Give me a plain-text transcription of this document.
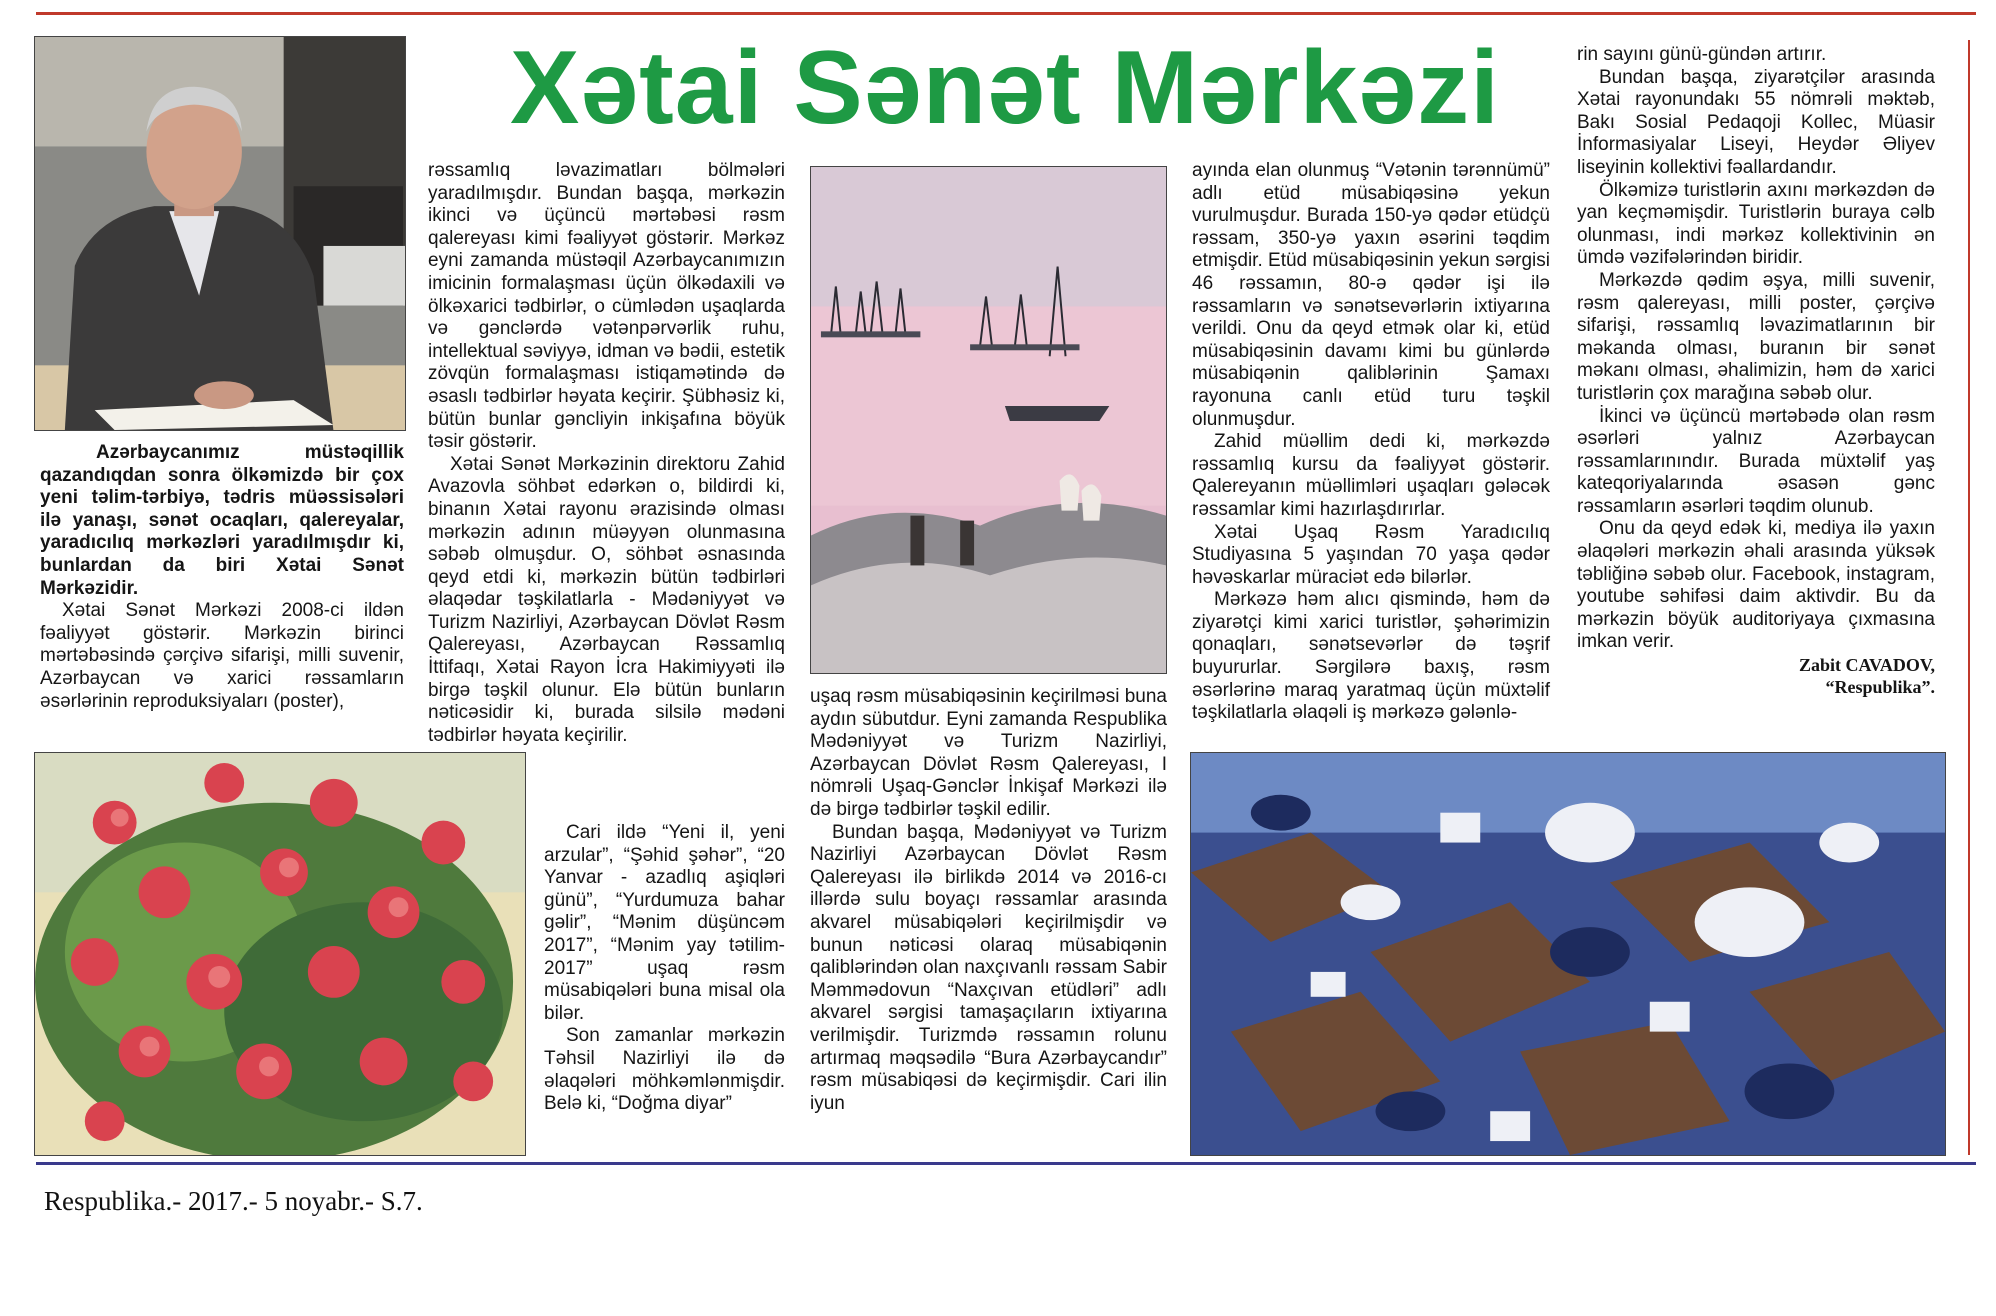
Xətai Sənət Mərkəzi

Azərbaycanımız müstəqillik qazandıqdan sonra ölkəmizdə bir çox yeni təlim-tərbiyə, tədris müəssisələri ilə yanaşı, sənət ocaqları, qalereyalar, yaradıcılıq mərkəzləri yaradılmışdır ki, bunlardan da biri Xətai Sənət Mərkəzidir.

Xətai Sənət Mərkəzi 2008-ci ildən fəaliyyət göstərir. Mərkəzin birinci mərtəbəsində çərçivə sifarişi, milli suvenir, Azərbaycan və xarici rəssamların əsərlərinin reproduksiyaları (poster),

rəssamlıq ləvazimatları bölmələri yaradılmışdır. Bundan başqa, mərkəzin ikinci və üçüncü mərtəbəsi rəsm qalereyası kimi fəaliyyət göstərir. Mərkəz eyni zamanda müstəqil Azərbaycanımızın imicinin formalaşması üçün ölkədaxili və ölkəxarici tədbirlər, o cümlədən uşaqlarda və gənclərdə vətənpərvərlik ruhu, intellektual səviyyə, idman və bədii, estetik zövqün formalaşması istiqamətində də əsaslı tədbirlər həyata keçirir. Şübhəsiz ki, bütün bunlar gəncliyin inkişafına böyük təsir göstərir.

Xətai Sənət Mərkəzinin direktoru Zahid Avazovla söhbət edərkən o, bildirdi ki, binanın Xətai rayonu ərazisində olması mərkəzin adının müəyyən olunmasına səbəb olmuşdur. O, söhbət əsnasında qeyd etdi ki, mərkəzin bütün tədbirləri əlaqədar təşkilatlarla - Mədəniyyət və Turizm Nazirliyi, Azərbaycan Dövlət Rəsm Qalereyası, Azərbaycan Rəssamlıq İttifaqı, Xətai Rayon İcra Hakimiyyəti ilə birgə təşkil olunur. Elə bütün bunların nəticəsidir ki, burada silsilə mədəni tədbirlər həyata keçirilir.

Cari ildə “Yeni il, yeni arzular”, “Şəhid şəhər”, “20 Yanvar - azadlıq aşiqləri günü”, “Yurdumuza bahar gəlir”, “Mənim düşüncəm 2017”, “Mənim yay tətilim-2017” uşaq rəsm müsabiqələri buna misal ola bilər.

Son zamanlar mərkəzin Təhsil Nazirliyi ilə də əlaqələri möhkəmlənmişdir. Belə ki, “Doğma diyar”

uşaq rəsm müsabiqəsinin keçirilməsi buna aydın sübutdur. Eyni zamanda Respublika Mədəniyyət və Turizm Nazirliyi, Azərbaycan Dövlət Rəsm Qalereyası, I nömrəli Uşaq-Gənclər İnkişaf Mərkəzi ilə də birgə tədbirlər təşkil edilir.

Bundan başqa, Mədəniyyət və Turizm Nazirliyi Azərbaycan Dövlət Rəsm Qalereyası ilə birlikdə 2014 və 2016-cı illərdə sulu boyaçı rəssamlar arasında akvarel müsabiqələri keçirilmişdir və bunun nəticəsi olaraq müsabiqənin qaliblərindən olan naxçıvanlı rəssam Sabir Məmmədovun “Naxçıvan etüdləri” adlı akvarel sərgisi tamaşaçıların ixtiyarına verilmişdir. Turizmdə rəssamın rolunu artırmaq məqsədilə “Bura Azərbaycandır” rəsm müsabiqəsi də keçirmişdir. Cari ilin iyun

ayında elan olunmuş “Vətənin tərənnümü” adlı etüd müsabiqəsinə yekun vurulmuşdur. Burada 150-yə qədər etüdçü rəssam, 350-yə yaxın əsərini təqdim etmişdir. Etüd müsabiqəsinin yekun sərgisi 46 rəssamın, 80-ə qədər işi ilə rəssamların və sənətsevərlərin ixtiyarına verildi. Onu da qeyd etmək olar ki, etüd müsabiqəsinin davamı kimi bu günlərdə müsabiqənin qaliblərinin Şamaxı rayonuna canlı etüd turu təşkil olunmuşdur.

Zahid müəllim dedi ki, mərkəzdə rəssamlıq kursu da fəaliyyət göstərir. Qalereyanın müəllimləri uşaqları gələcək rəssamlar kimi hazırlaşdırırlar.

Xətai Uşaq Rəsm Yaradıcılıq Studiyasına 5 yaşından 70 yaşa qədər həvəskarlar müraciət edə bilərlər.

Mərkəzə həm alıcı qismində, həm də ziyarətçi kimi xarici turistlər, şəhərimizin qonaqları, sənətsevərlər də təşrif buyururlar. Sərgilərə baxış, rəsm əsərlərinə maraq yaratmaq üçün müxtəlif təşkilatlarla əlaqəli iş mərkəzə gələnlə-

rin sayını günü-gündən artırır.

Bundan başqa, ziyarətçilər arasında Xətai rayonundakı 55 nömrəli məktəb, Bakı Sosial Pedaqoji Kollec, Müasir İnformasiyalar Liseyi, Heydər Əliyev liseyinin kollektivi fəallardandır.

Ölkəmizə turistlərin axını mərkəzdən də yan keçməmişdir. Turistlərin buraya cəlb olunması, indi mərkəz kollektivinin ən ümdə vəzifələrindən biridir.

Mərkəzdə qədim əşya, milli suvenir, rəsm qalereyası, milli poster, çərçivə sifarişi, rəssamlıq ləvazimatlarının bir məkanda olması, buranın bir sənət məkanı olması, əhalimizin, həm də xarici turistlərin çox marağına səbəb olur.

İkinci və üçüncü mərtəbədə olan rəsm əsərləri yalnız Azərbaycan rəssamlarınındır. Burada müxtəlif yaş kateqoriyalarında əsasən gənc rəssamların əsərləri təqdim olunub.

Onu da qeyd edək ki, mediya ilə yaxın əlaqələri mərkəzin əhali arasında yüksək təbliğinə səbəb olur. Facebook, instagram, youtube səhifəsi daim aktivdir. Bu da mərkəzin böyük auditoriyaya çıxmasına imkan verir.

Zabit CAVADOV,
“Respublika”.
Respublika.- 2017.- 5 noyabr.- S.7.
